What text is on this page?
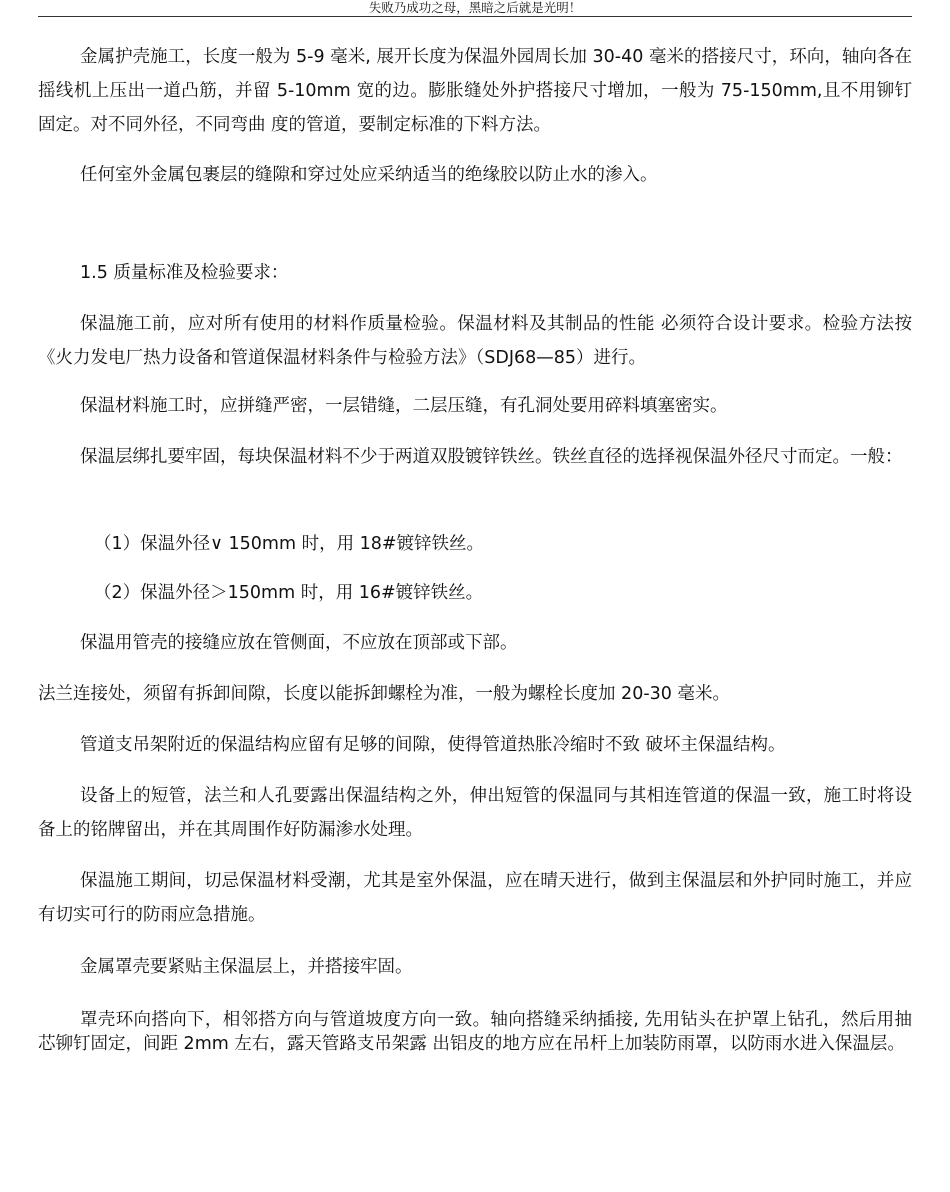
失败乃成功之母，黑暗之后就是光明！

金属护壳施工，长度一般为 5-9 毫米, 展开长度为保温外园周长加 30-40 毫米的搭接尺寸，环向，轴向各在摇线机上压出一道凸筋，并留 5-10mm 宽的边。膨胀缝处外护搭接尺寸增加，一般为 75-150mm,且不用铆钉固定。对不同外径，不同弯曲 度的管道，要制定标准的下料方法。

任何室外金属包裹层的缝隙和穿过处应采纳适当的绝缘胶以防止水的渗入。

1.5 质量标准及检验要求：

保温施工前，应对所有使用的材料作质量检验。保温材料及其制品的性能 必须符合设计要求。检验方法按《火力发电厂热力设备和管道保温材料条件与检验方法》（SDJ68—85）进行。

保温材料施工时，应拼缝严密，一层错缝，二层压缝，有孔洞处要用碎料填塞密实。

保温层绑扎要牢固，每块保温材料不少于两道双股镀锌铁丝。铁丝直径的选择视保温外径尺寸而定。一般：

（1）保温外径∨ 150mm 时，用 18#镀锌铁丝。

（2）保温外径＞150mm 时，用 16#镀锌铁丝。

保温用管壳的接缝应放在管侧面，不应放在顶部或下部。

法兰连接处，须留有拆卸间隙，长度以能拆卸螺栓为准，一般为螺栓长度加 20-30 毫米。

管道支吊架附近的保温结构应留有足够的间隙，使得管道热胀冷缩时不致 破坏主保温结构。

设备上的短管，法兰和人孔要露出保温结构之外，伸出短管的保温同与其相连管道的保温一致，施工时将设备上的铭牌留出，并在其周围作好防漏渗水处理。

保温施工期间，切忌保温材料受潮，尤其是室外保温，应在晴天进行，做到主保温层和外护同时施工，并应有切实可行的防雨应急措施。

金属罩壳要紧贴主保温层上，并搭接牢固。

罩壳环向搭向下，相邻搭方向与管道坡度方向一致。轴向搭缝采纳插接, 先用钻头在护罩上钻孔，然后用抽芯铆钉固定，间距 2mm 左右，露天管路支吊架露 出铝皮的地方应在吊杆上加装防雨罩，以防雨水进入保温层。
